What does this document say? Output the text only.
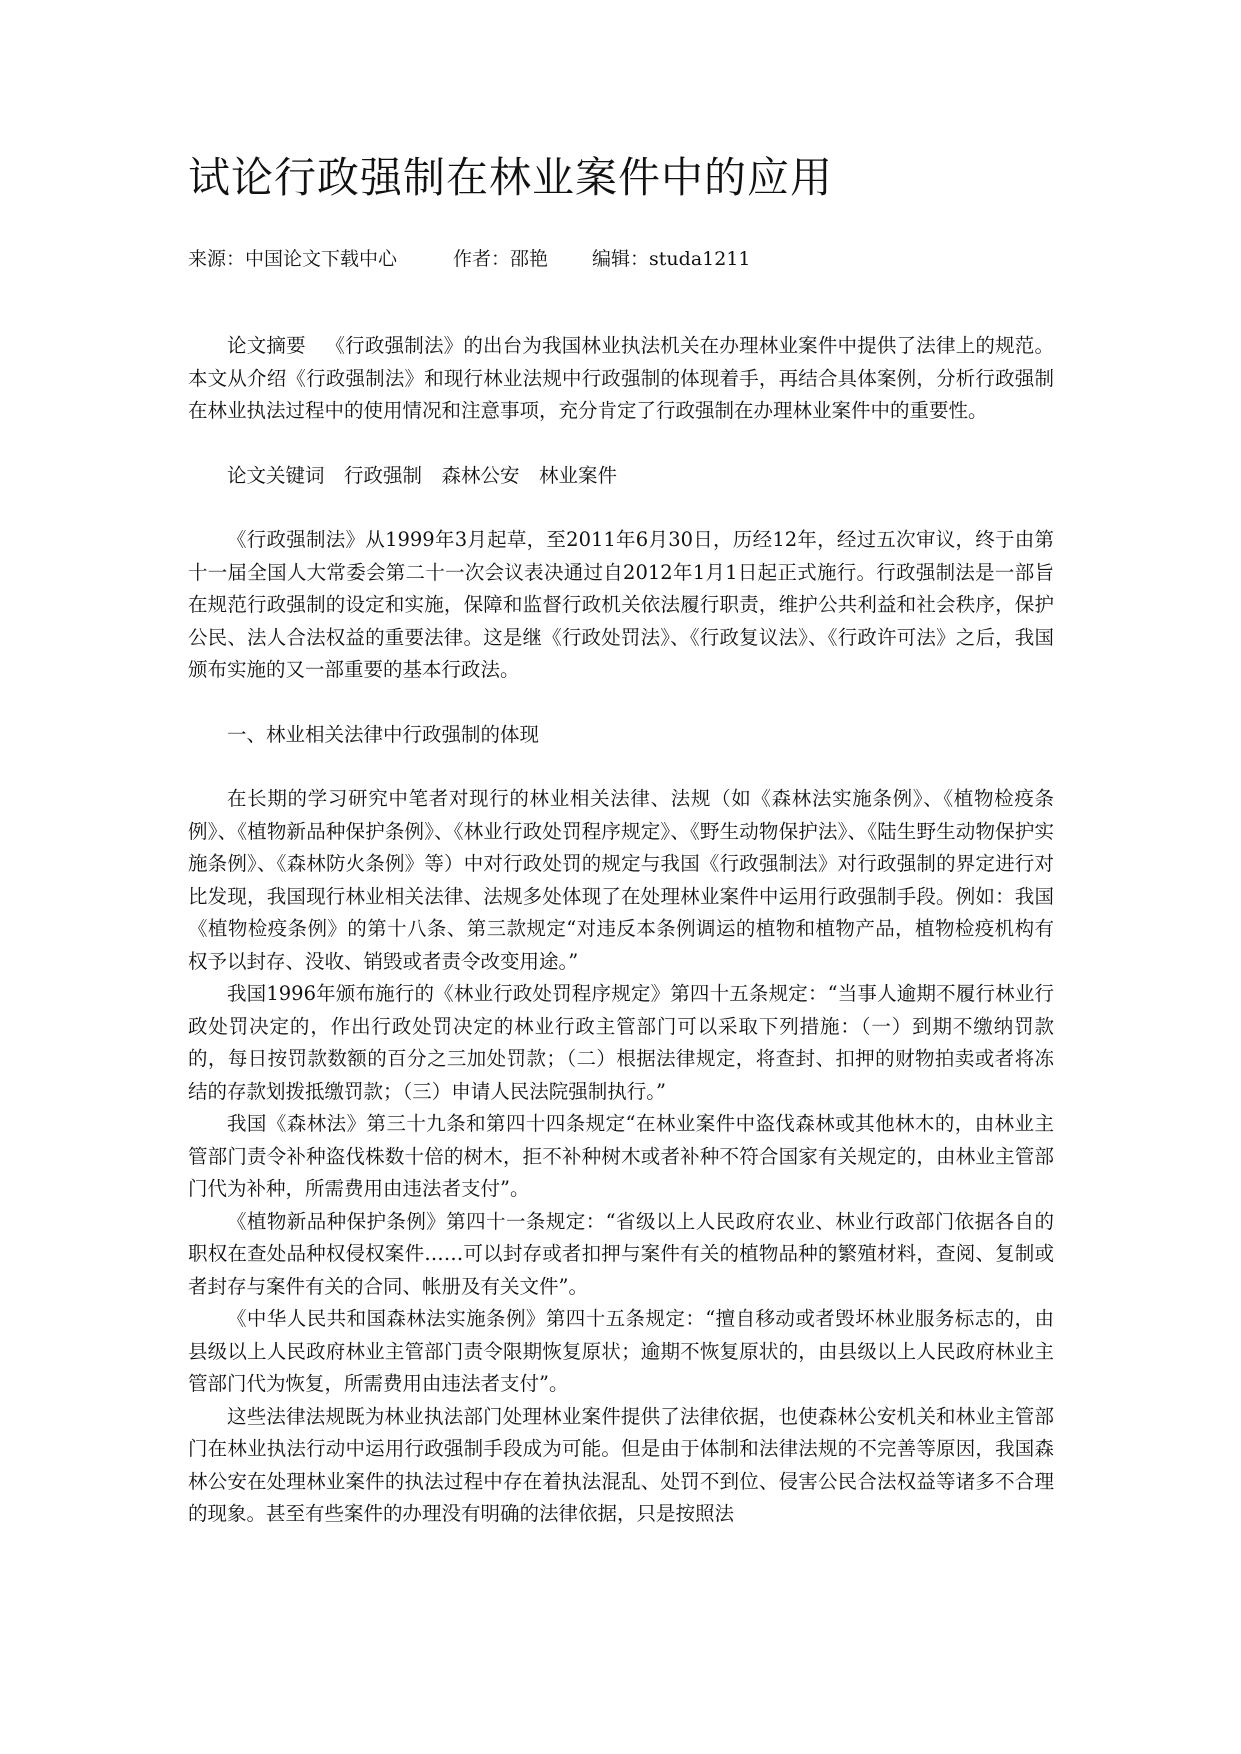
试论行政强制在林业案件中的应用
来源：中国论文下载中心	作者：邵艳 编辑：studa1211

论文摘要 《行政强制法》的出台为我国林业执法机关在办理林业案件中提供了法律上的规范。本文从介绍《行政强制法》和现行林业法规中行政强制的体现着手，再结合具体案例，分析行政强制在林业执法过程中的使用情况和注意事项，充分肯定了行政强制在办理林业案件中的重要性。

论文关键词 行政强制 森林公安 林业案件

《行政强制法》从1999年3月起草，至2011年6月30日，历经12年，经过五次审议，终于由第十一届全国人大常委会第二十一次会议表决通过自2012年1月1日起正式施行。行政强制法是一部旨在规范行政强制的设定和实施，保障和监督行政机关依法履行职责，维护公共利益和社会秩序，保护公民、法人合法权益的重要法律。这是继《行政处罚法》、《行政复议法》、《行政许可法》之后，我国颁布实施的又一部重要的基本行政法。

一、林业相关法律中行政强制的体现

在长期的学习研究中笔者对现行的林业相关法律、法规（如《森林法实施条例》、《植物检疫条例》、《植物新品种保护条例》、《林业行政处罚程序规定》、《野生动物保护法》、《陆生野生动物保护实施条例》、《森林防火条例》等）中对行政处罚的规定与我国《行政强制法》对行政强制的界定进行对比发现，我国现行林业相关法律、法规多处体现了在处理林业案件中运用行政强制手段。例如：我国《植物检疫条例》的第十八条、第三款规定“对违反本条例调运的植物和植物产品，植物检疫机构有权予以封存、没收、销毁或者责令改变用途。”

我国1996年颁布施行的《林业行政处罚程序规定》第四十五条规定：“当事人逾期不履行林业行政处罚决定的，作出行政处罚决定的林业行政主管部门可以采取下列措施：（一）到期不缴纳罚款的，每日按罚款数额的百分之三加处罚款；（二）根据法律规定，将查封、扣押的财物拍卖或者将冻结的存款划拨抵缴罚款；（三）申请人民法院强制执行。”

我国《森林法》第三十九条和第四十四条规定“在林业案件中盗伐森林或其他林木的，由林业主管部门责令补种盗伐株数十倍的树木，拒不补种树木或者补种不符合国家有关规定的，由林业主管部门代为补种，所需费用由违法者支付”。

《植物新品种保护条例》第四十一条规定：“省级以上人民政府农业、林业行政部门依据各自的职权在查处品种权侵权案件……可以封存或者扣押与案件有关的植物品种的繁殖材料，查阅、复制或者封存与案件有关的合同、帐册及有关文件”。

《中华人民共和国森林法实施条例》第四十五条规定：“擅自移动或者毁坏林业服务标志的，由县级以上人民政府林业主管部门责令限期恢复原状；逾期不恢复原状的，由县级以上人民政府林业主管部门代为恢复，所需费用由违法者支付”。

这些法律法规既为林业执法部门处理林业案件提供了法律依据，也使森林公安机关和林业主管部门在林业执法行动中运用行政强制手段成为可能。但是由于体制和法律法规的不完善等原因，我国森林公安在处理林业案件的执法过程中存在着执法混乱、处罚不到位、侵害公民合法权益等诸多不合理的现象。甚至有些案件的办理没有明确的法律依据，只是按照法
